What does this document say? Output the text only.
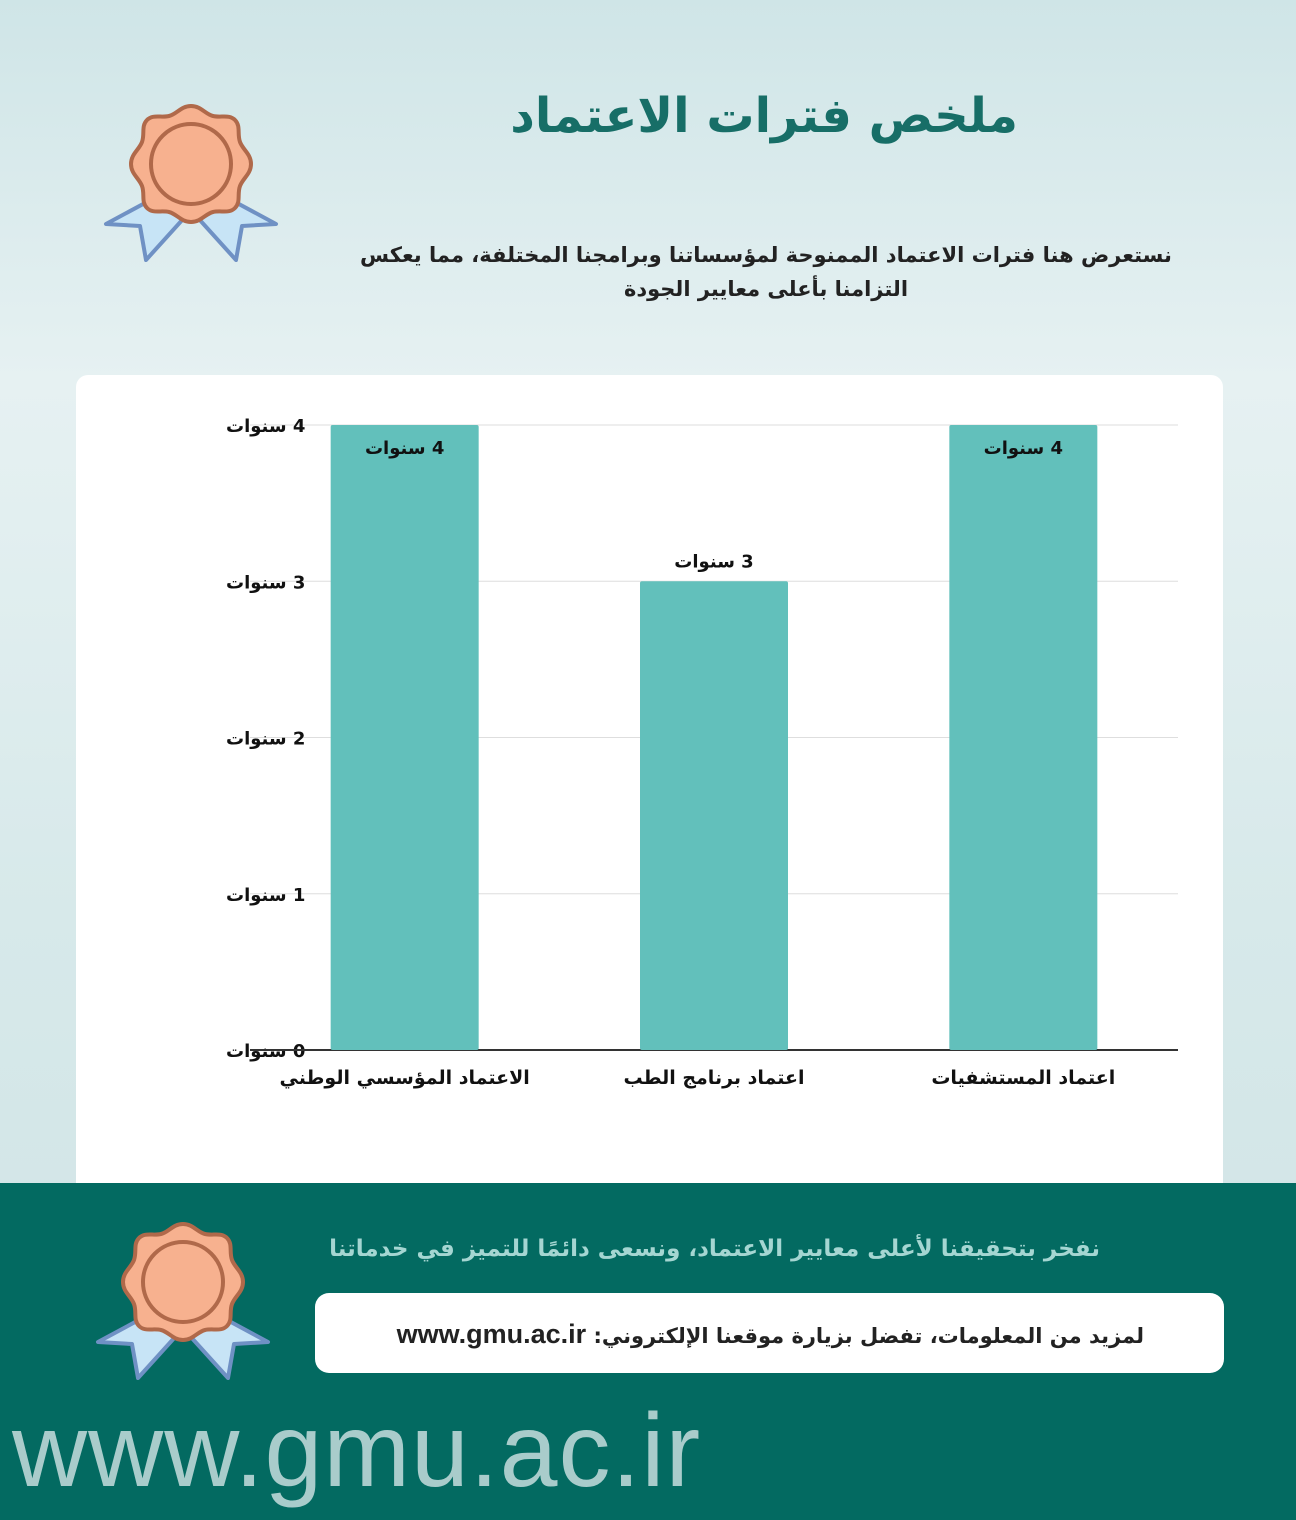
ملخص فترات الاعتماد

نستعرض هنا فترات الاعتماد الممنوحة لمؤسساتنا وبرامجنا المختلفة، مما يعكس التزامنا بأعلى معايير الجودة

0 سنوات
1 سنوات
2 سنوات
3 سنوات
4 سنوات
4 سنوات
الاعتماد المؤسسي الوطني
3 سنوات
اعتماد برنامج الطب
4 سنوات
اعتماد المستشفيات

نفخر بتحقيقنا لأعلى معايير الاعتماد، ونسعى دائمًا للتميز في خدماتنا

لمزيد من المعلومات، تفضل بزيارة موقعنا الإلكتروني: www.gmu.ac.ir

www.gmu.ac.ir
